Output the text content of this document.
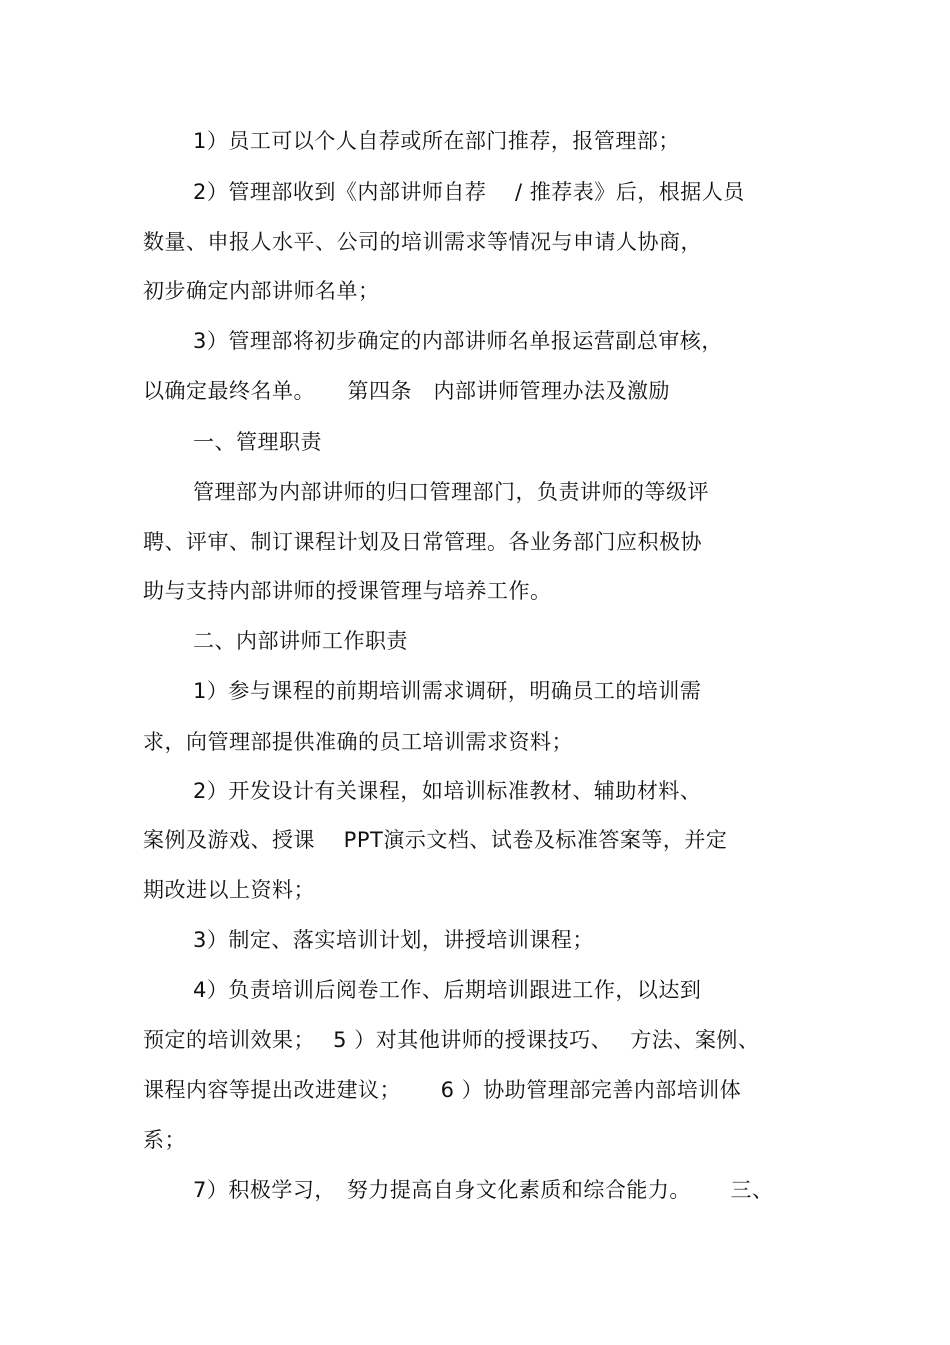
1）员工可以个人自荐或所在部门推荐，报管理部；
2）管理部收到《内部讲师自荐　 / 推荐表》后，根据人员
数量、申报人水平、公司的培训需求等情况与申请人协商，
初步确定内部讲师名单；
3）管理部将初步确定的内部讲师名单报运营副总审核，
以确定最终名单。　　第四条　内部讲师管理办法及激励
一、管理职责
管理部为内部讲师的归口管理部门，负责讲师的等级评
聘、评审、制订课程计划及日常管理。各业务部门应积极协
助与支持内部讲师的授课管理与培养工作。
二、内部讲师工作职责
1）参与课程的前期培训需求调研，明确员工的培训需
求，向管理部提供准确的员工培训需求资料；
2）开发设计有关课程，如培训标准教材、辅助材料、
案例及游戏、授课　 PPT演示文档、试卷及标准答案等，并定
期改进以上资料；
3）制定、落实培训计划，讲授培训课程；
4）负责培训后阅卷工作、后期培训跟进工作，以达到
预定的培训效果；　 5 ）对其他讲师的授课技巧、　 方法、案例、
课程内容等提出改进建议；　　 6 ）协助管理部完善内部培训体
系；
7）积极学习，　努力提高自身文化素质和综合能力。　　 三、
